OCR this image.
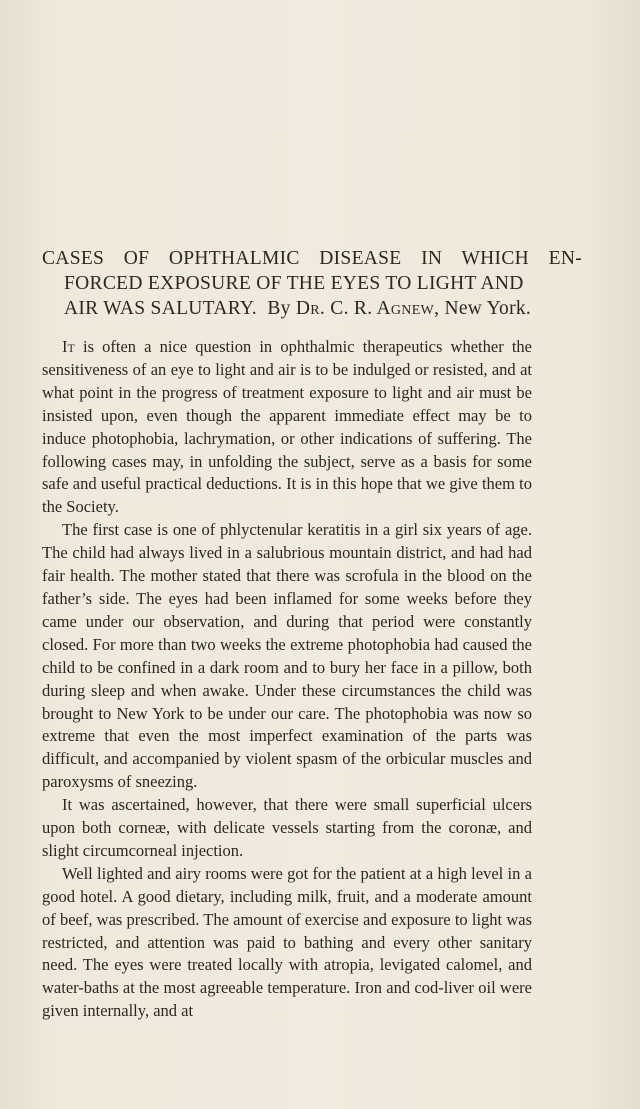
CASES OF OPHTHALMIC DISEASE IN WHICH EN-
FORCED EXPOSURE OF THE EYES TO LIGHT AND
AIR WAS SALUTARY. By Dr. C. R. Agnew, New York.

It is often a nice question in ophthalmic therapeutics whether the sensitiveness of an eye to light and air is to be indulged or resisted, and at what point in the progress of treatment exposure to light and air must be insisted upon, even though the apparent immediate effect may be to induce photophobia, lachrymation, or other indications of suffering. The following cases may, in unfolding the subject, serve as a basis for some safe and useful practical deductions. It is in this hope that we give them to the Society.

The first case is one of phlyctenular keratitis in a girl six years of age. The child had always lived in a salubrious mountain district, and had had fair health. The mother stated that there was scrofula in the blood on the father’s side. The eyes had been inflamed for some weeks before they came under our observation, and during that period were constantly closed. For more than two weeks the extreme photophobia had caused the child to be confined in a dark room and to bury her face in a pillow, both during sleep and when awake. Under these circumstances the child was brought to New York to be under our care. The photophobia was now so extreme that even the most imperfect examination of the parts was difficult, and accompanied by violent spasm of the orbicular muscles and paroxysms of sneezing.

It was ascertained, however, that there were small superficial ulcers upon both corneæ, with delicate vessels starting from the coronæ, and slight circumcorneal injection.

Well lighted and airy rooms were got for the patient at a high level in a good hotel. A good dietary, including milk, fruit, and a moderate amount of beef, was prescribed. The amount of exercise and exposure to light was restricted, and attention was paid to bathing and every other sanitary need. The eyes were treated locally with atropia, levigated calomel, and water-baths at the most agreeable temperature. Iron and cod-liver oil were given internally, and at
